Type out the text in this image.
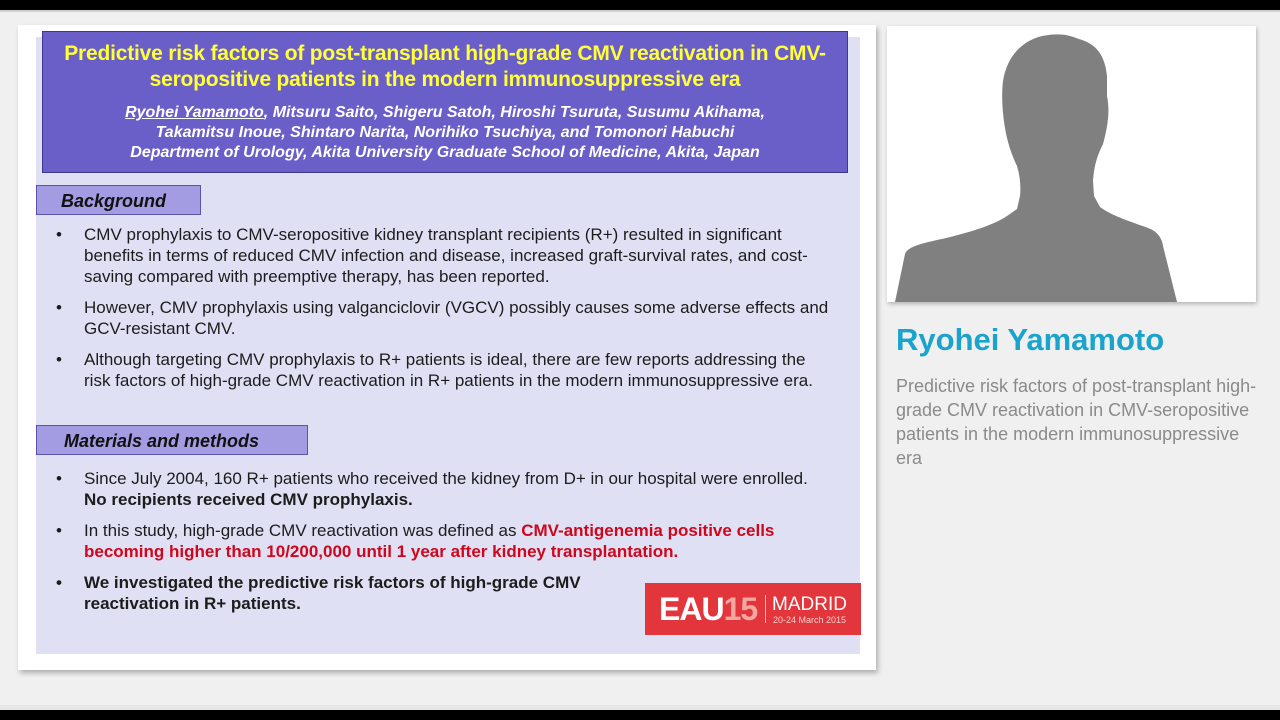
Predictive risk factors of post-transplant high-grade CMV reactivation in CMV-seropositive patients in the modern immunosuppressive era
Ryohei Yamamoto, Mitsuru Saito, Shigeru Satoh, Hiroshi Tsuruta, Susumu Akihama,
Takamitsu Inoue, Shintaro Narita, Norihiko Tsuchiya, and Tomonori Habuchi
Department of Urology, Akita University Graduate School of Medicine, Akita, Japan
Background
• CMV prophylaxis to CMV-seropositive kidney transplant recipients (R+) resulted in significant benefits in terms of reduced CMV infection and disease, increased graft-survival rates, and cost-saving compared with preemptive therapy, has been reported.
• However, CMV prophylaxis using valganciclovir (VGCV) possibly causes some adverse effects and GCV-resistant CMV.
• Although targeting CMV prophylaxis to R+ patients is ideal, there are few reports addressing the risk factors of high-grade CMV reactivation in R+ patients in the modern immunosuppressive era.
Materials and methods
• Since July 2004, 160 R+ patients who received the kidney from D+ in our hospital were enrolled.  No recipients received CMV prophylaxis.
• In this study, high-grade CMV reactivation was defined as CMV-antigenemia positive cells becoming higher than 10/200,000 until 1 year after kidney transplantation.
• We investigated the predictive risk factors of high-grade CMV reactivation in R+ patients.	EAU15 MADRID
20-24 March 2015
Ryohei Yamamoto
Predictive risk factors of post-transplant high-grade CMV reactivation in CMV-seropositive patients in the modern immunosuppressive era
